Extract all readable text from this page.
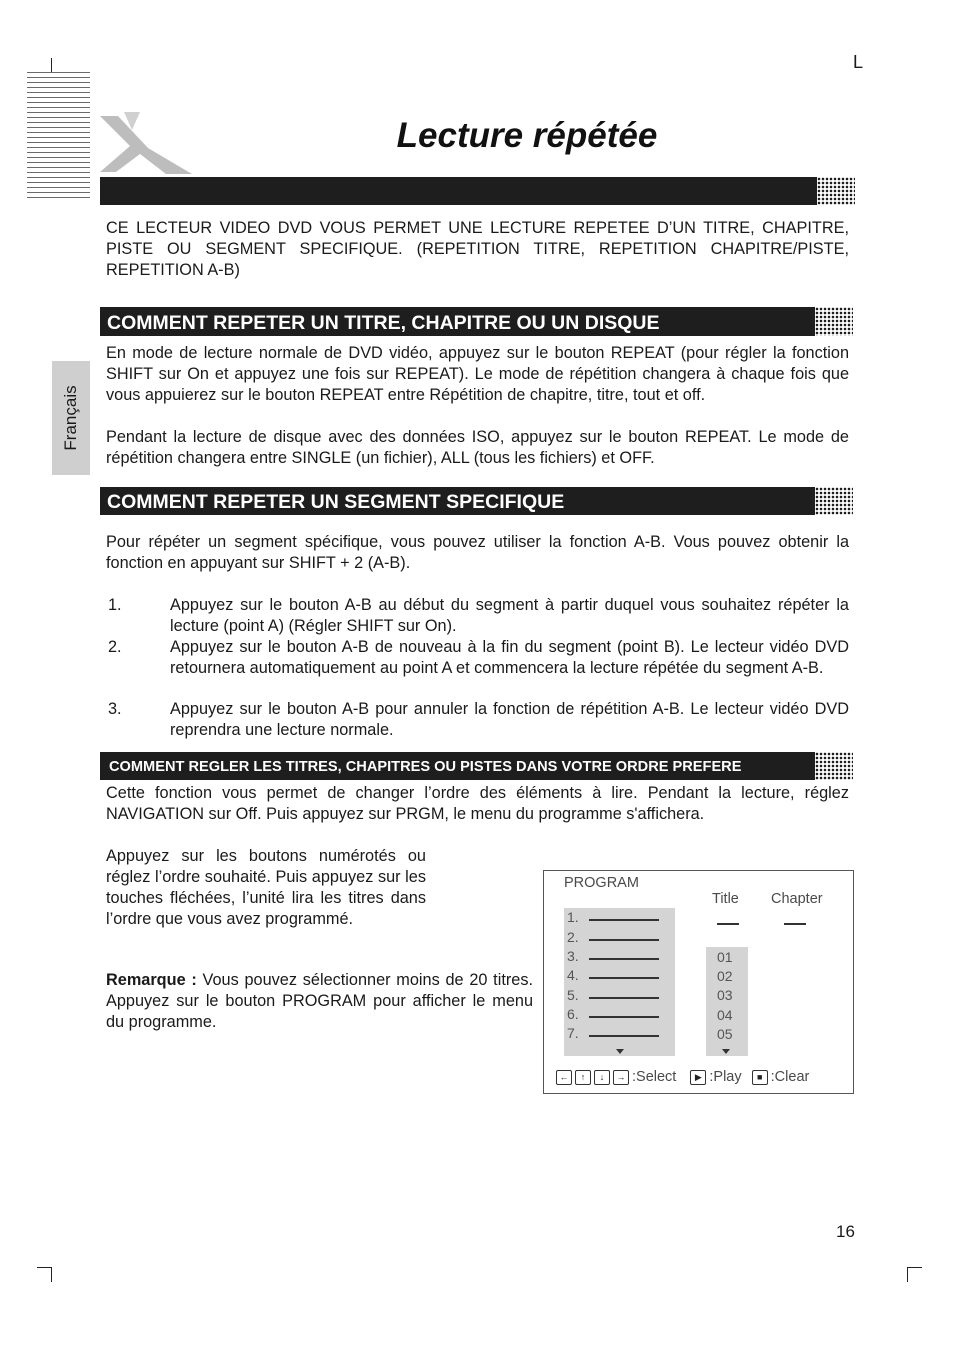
L
Lecture répétée

CE LECTEUR VIDEO DVD VOUS PERMET UNE LECTURE REPETEE D’UN TITRE, CHAPITRE, PISTE OU SEGMENT SPECIFIQUE. (REPETITION TITRE, REPETITION CHAPITRE/PISTE, REPETITION A-B)

Français
COMMENT REPETER UN TITRE, CHAPITRE OU UN DISQUE

En mode de lecture normale de DVD vidéo, appuyez sur le bouton REPEAT (pour régler la fonction SHIFT sur On et appuyez une fois sur REPEAT). Le mode de répétition changera à chaque fois que vous appuierez sur le bouton REPEAT entre Répétition de chapitre, titre, tout et off.

Pendant la lecture de disque avec des données ISO, appuyez sur le bouton REPEAT. Le mode de répétition changera entre SINGLE (un fichier), ALL (tous les fichiers) et OFF.

COMMENT REPETER UN SEGMENT SPECIFIQUE

Pour répéter un segment spécifique, vous pouvez utiliser la fonction A-B. Vous pouvez obtenir la fonction en appuyant sur SHIFT + 2 (A-B).

1.	Appuyez sur le bouton A-B au début du segment à partir duquel vous souhaitez répéter la lecture (point A) (Régler SHIFT sur On).
2.	Appuyez sur le bouton A-B de nouveau à la fin du segment (point B). Le lecteur vidéo DVD retournera automatiquement au point A et commencera la lecture répétée du segment A-B.
3.	Appuyez sur le bouton A-B pour annuler la fonction de répétition A-B. Le lecteur vidéo DVD reprendra une lecture normale.
COMMENT REGLER LES TITRES, CHAPITRES OU PISTES DANS VOTRE ORDRE PREFERE

Cette fonction vous permet de changer l’ordre des éléments à lire. Pendant la lecture, réglez NAVIGATION sur Off. Puis appuyez sur PRGM, le menu du programme s'affichera.

Appuyez sur les boutons numérotés ou réglez l’ordre souhaité. Puis appuyez sur les touches fléchées, l’unité lira les titres dans l’ordre que vous avez programmé.

Remarque : Vous pouvez sélectionner moins de 20 titres. Appuyez sur le bouton PROGRAM pour afficher le menu du programme.

PROGRAM
Title Chapter
1.
2.
3.
4.
5.
6.
7.
01
02
03
04
05
← ↑ ↓ → :Select ▶ :Play ■ :Clear
16
